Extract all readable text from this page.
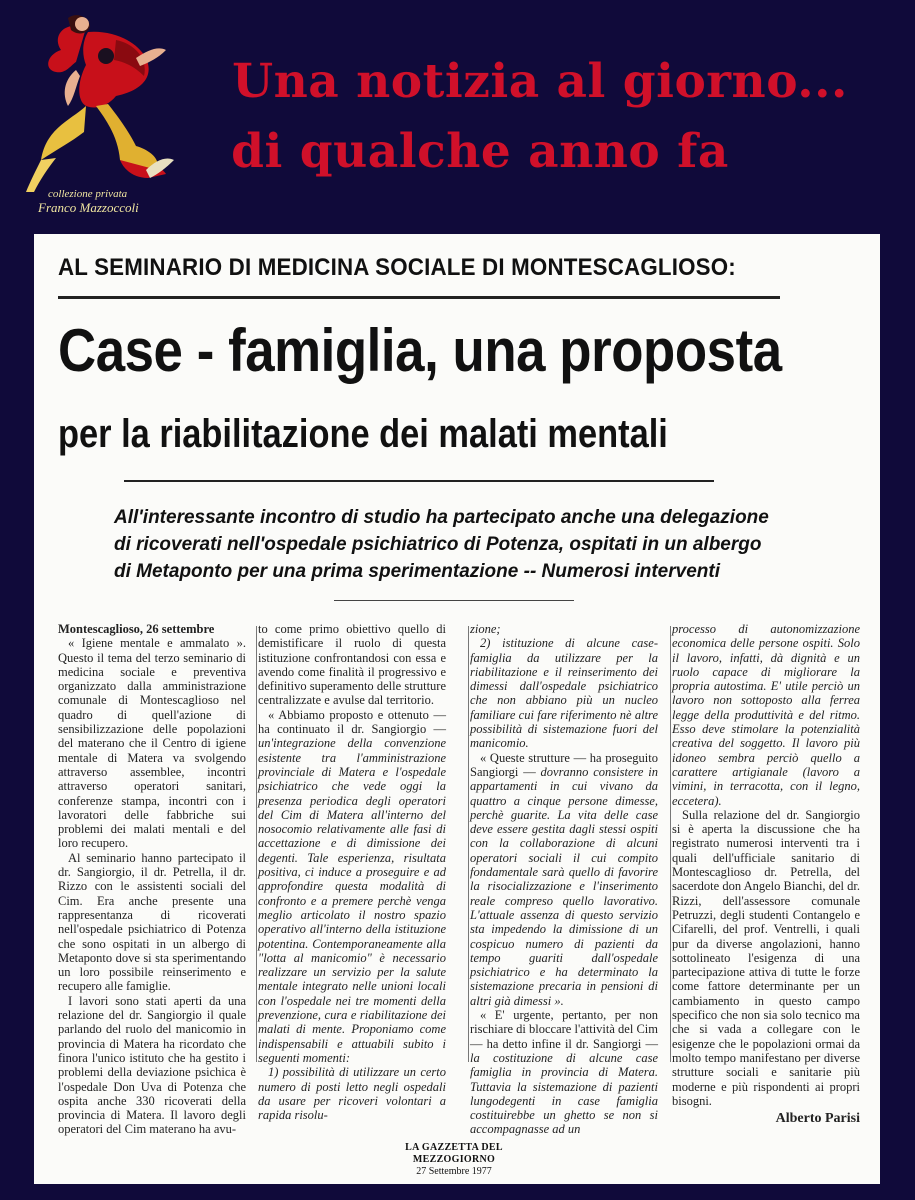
collezione privata
Franco Mazzoccoli
Una notizia al giorno...
di qualche anno fa
AL SEMINARIO DI MEDICINA SOCIALE DI MONTESCAGLIOSO:
Case - famiglia, una proposta
per la riabilitazione dei malati mentali
All'interessante incontro di studio ha partecipato anche una delegazione
di ricoverati nell'ospedale psichiatrico di Potenza, ospitati in un albergo
di Metaponto per una prima sperimentazione -- Numerosi interventi

Montescaglioso, 26 settembre

« Igiene mentale e ammalato ». Questo il tema del terzo seminario di medicina sociale e preventiva organizzato dalla amministrazione comunale di Montescaglioso nel quadro di quell'azione di sensibilizzazione delle popolazioni del materano che il Centro di igiene mentale di Matera va svolgendo attraverso assemblee, incontri attraverso operatori sanitari, conferenze stampa, incontri con i lavoratori delle fabbriche sui problemi dei malati mentali e del loro recupero.

Al seminario hanno partecipato il dr. Sangiorgio, il dr. Petrella, il dr. Rizzo con le assistenti sociali del Cim. Era anche presente una rappresentanza di ricoverati nell'ospedale psichiatrico di Potenza che sono ospitati in un albergo di Metaponto dove si sta sperimentando un loro possibile reinserimento e recupero alle famiglie.

I lavori sono stati aperti da una relazione del dr. Sangiorgio il quale parlando del ruolo del manicomio in provincia di Matera ha ricordato che finora l'unico istituto che ha gestito i problemi della deviazione psichica è l'ospedale Don Uva di Potenza che ospita anche 330 ricoverati della provincia di Matera. Il lavoro degli operatori del Cim materano ha avu-

to come primo obiettivo quello di demistificare il ruolo di questa istituzione confrontandosi con essa e avendo come finalità il progressivo e definitivo superamento delle strutture centralizzate e avulse dal territorio.

« Abbiamo proposto e ottenuto — ha continuato il dr. Sangiorgio — un'integrazione della convenzione esistente tra l'amministrazione provinciale di Matera e l'ospedale psichiatrico che vede oggi la presenza periodica degli operatori del Cim di Matera all'interno del nosocomio relativamente alle fasi di accettazione e di dimissione dei degenti. Tale esperienza, risultata positiva, ci induce a proseguire e ad approfondire questa modalità di confronto e a premere perchè venga meglio articolato il nostro spazio operativo all'interno della istituzione potentina. Contemporaneamente alla "lotta al manicomio" è necessario realizzare un servizio per la salute mentale integrato nelle unioni locali con l'ospedale nei tre momenti della prevenzione, cura e riabilitazione dei malati di mente. Proponiamo come indispensabili e attuabili subito i seguenti momenti:

1) possibilità di utilizzare un certo numero di posti letto negli ospedali da usare per ricoveri volontari a rapida risolu-

zione;

2) istituzione di alcune case-famiglia da utilizzare per la riabilitazione e il reinserimento dei dimessi dall'ospedale psichiatrico che non abbiano più un nucleo familiare cui fare riferimento nè altre possibilità di sistemazione fuori del manicomio.

« Queste strutture — ha proseguito Sangiorgi — dovranno consistere in appartamenti in cui vivano da quattro a cinque persone dimesse, perchè guarite. La vita delle case deve essere gestita dagli stessi ospiti con la collaborazione di alcuni operatori sociali il cui compito fondamentale sarà quello di favorire la risocializzazione e l'inserimento reale compreso quello lavorativo. L'attuale assenza di questo servizio sta impedendo la dimissione di un cospicuo numero di pazienti da tempo guariti dall'ospedale psichiatrico e ha determinato la sistemazione precaria in pensioni di altri già dimessi ».

« E' urgente, pertanto, per non rischiare di bloccare l'attività del Cim — ha detto infine il dr. Sangiorgi — la costituzione di alcune case famiglia in provincia di Matera. Tuttavia la sistemazione di pazienti lungodegenti in case famiglia costituirebbe un ghetto se non si accompagnasse ad un

processo di autonomizzazione economica delle persone ospiti. Solo il lavoro, infatti, dà dignità e un ruolo capace di migliorare la propria autostima. E' utile perciò un lavoro non sottoposto alla ferrea legge della produttività e del ritmo. Esso deve stimolare la potenzialità creativa del soggetto. Il lavoro più idoneo sembra perciò quello a carattere artigianale (lavoro a vimini, in terracotta, con il legno, eccetera).

Sulla relazione del dr. Sangiorgio si è aperta la discussione che ha registrato numerosi interventi tra i quali dell'ufficiale sanitario di Montescaglioso dr. Petrella, del sacerdote don Angelo Bianchi, del dr. Rizzi, dell'assessore comunale Petruzzi, degli studenti Contangelo e Cifarelli, del prof. Ventrelli, i quali pur da diverse angolazioni, hanno sottolineato l'esigenza di una partecipazione attiva di tutte le forze come fattore determinante per un cambiamento in questo campo specifico che non sia solo tecnico ma che si vada a collegare con le esigenze che le popolazioni ormai da molto tempo manifestano per diverse strutture sociali e sanitarie più moderne e più rispondenti ai propri bisogni.

Alberto Parisi

LA GAZZETTA DEL MEZZOGIORNO
27 Settembre 1977
